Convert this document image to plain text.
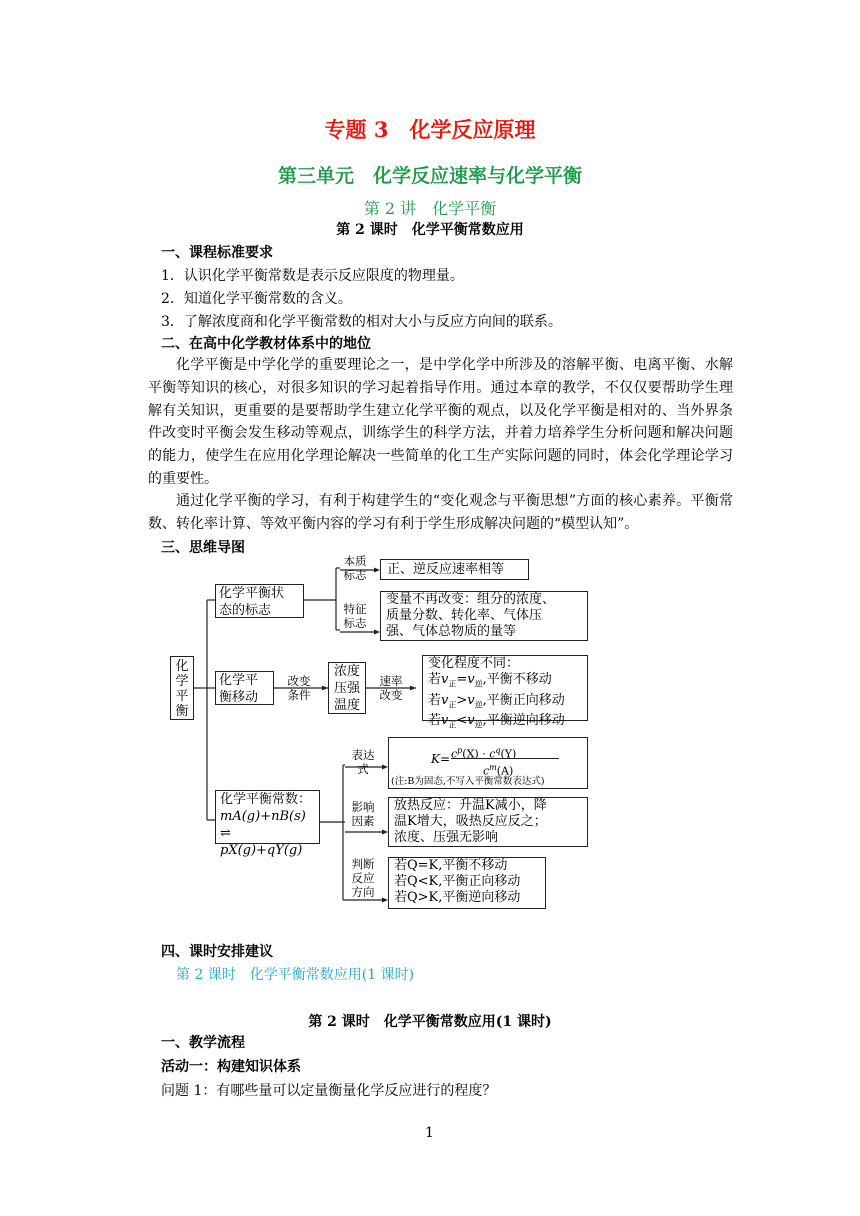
专题 3　化学反应原理
第三单元　化学反应速率与化学平衡
第 2 讲　化学平衡
第 2 课时　化学平衡常数应用
一、课程标准要求
1．认识化学平衡常数是表示反应限度的物理量。
2．知道化学平衡常数的含义。
3．了解浓度商和化学平衡常数的相对大小与反应方向间的联系。
二、在高中化学教材体系中的地位
化学平衡是中学化学的重要理论之一，是中学化学中所涉及的溶解平衡、电离平衡、水解平衡等知识的核心，对很多知识的学习起着指导作用。通过本章的教学，不仅仅要帮助学生理解有关知识，更重要的是要帮助学生建立化学平衡的观点，以及化学平衡是相对的、当外界条件改变时平衡会发生移动等观点，训练学生的科学方法，并着力培养学生分析问题和解决问题的能力，使学生在应用化学理论解决一些简单的化工生产实际问题的同时，体会化学理论学习的重要性。
通过化学平衡的学习，有利于构建学生的“变化观念与平衡思想”方面的核心素养。平衡常数、转化率计算、等效平衡内容的学习有利于学生形成解决问题的“模型认知”。
三、思维导图
化
学
平
衡
化学平衡状
态的标志
本质
标志	正、逆反应速率相等
特征
标志
变量不再改变：组分的浓度、
质量分数、转化率、气体压
强、气体总物质的量等
化学平
衡移动
改变
条件
浓度
压强
温度
速率
改变
变化程度不同：
若$v_正=v_逆$,平衡不移动
若$v_正>v_逆$,平衡正向移动
若$v_正<v_逆$,平衡逆向移动
化学平衡常数：
mA(g)+nB(s) ⇌
pX(g)+qY(g)
表达
式
$K= c^p(X) \cdot c^q(Y)$
$c^m(A)$
(注:B为固态,不写入平衡常数表达式)
影响
因素
放热反应：升温K减小，降
温K增大，吸热反应反之；
浓度、压强无影响
判断
反应
方向
若Q=K,平衡不移动
若Q<K,平衡正向移动
若Q>K,平衡逆向移动
四、课时安排建议
第 2 课时　化学平衡常数应用(1 课时)
第 2 课时　化学平衡常数应用(1 课时)
一、教学流程
活动一：构建知识体系
问题 1：有哪些量可以定量衡量化学反应进行的程度？
1
